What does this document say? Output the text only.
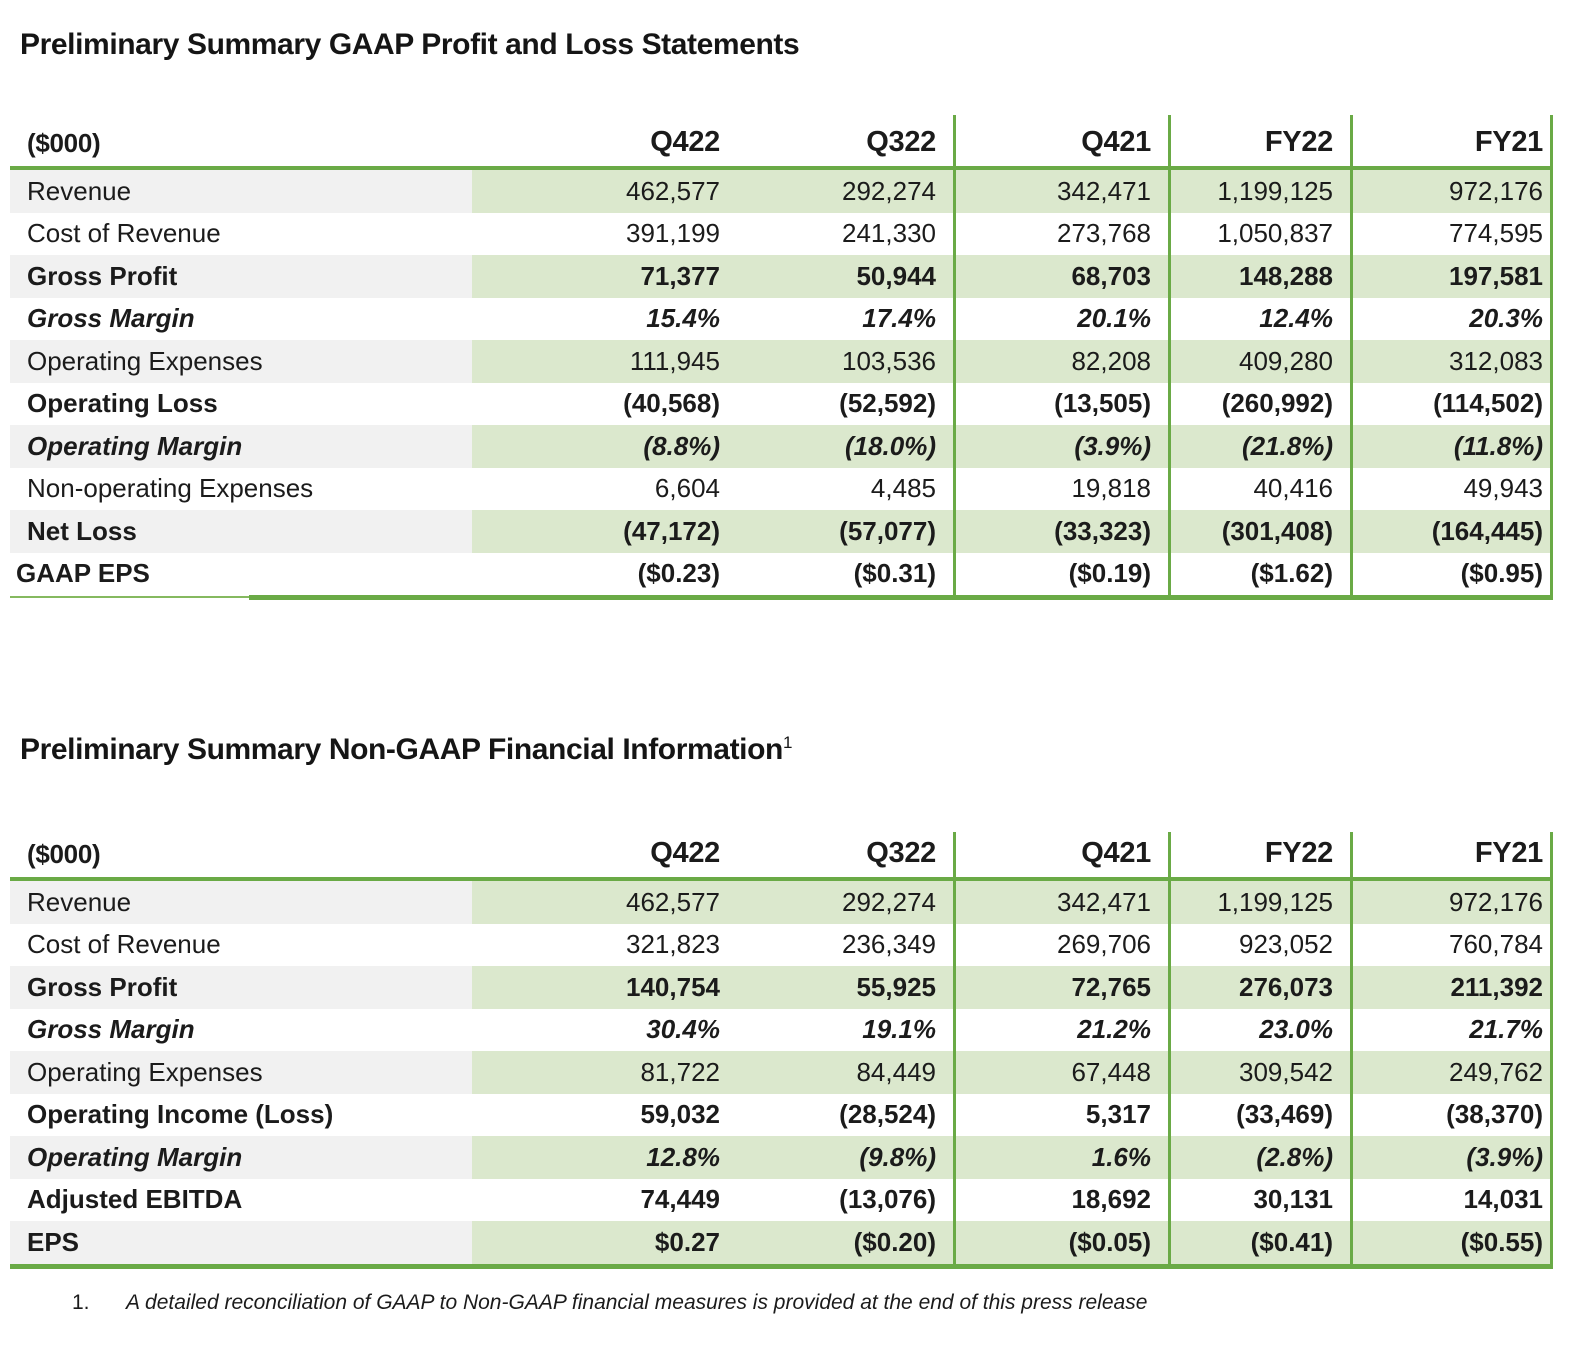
Preliminary Summary GAAP Profit and Loss Statements
($000)	Q422	Q322	Q421	FY22	FY21
Revenue	462,577	292,274	342,471	1,199,125	972,176
Cost of Revenue	391,199	241,330	273,768	1,050,837	774,595
Gross Profit	71,377	50,944	68,703	148,288	197,581
Gross Margin	15.4%	17.4%	20.1%	12.4%	20.3%
Operating Expenses	111,945	103,536	82,208	409,280	312,083
Operating Loss	(40,568)	(52,592)	(13,505)	(260,992)	(114,502)
Operating Margin	(8.8%)	(18.0%)	(3.9%)	(21.8%)	(11.8%)
Non-operating Expenses	6,604	4,485	19,818	40,416	49,943
Net Loss	(47,172)	(57,077)	(33,323)	(301,408)	(164,445)
GAAP EPS	($0.23)	($0.31)	($0.19)	($1.62)	($0.95)
Preliminary Summary Non-GAAP Financial Information$^1$
($000)	Q422	Q322	Q421	FY22	FY21
Revenue	462,577	292,274	342,471	1,199,125	972,176
Cost of Revenue	321,823	236,349	269,706	923,052	760,784
Gross Profit	140,754	55,925	72,765	276,073	211,392
Gross Margin	30.4%	19.1%	21.2%	23.0%	21.7%
Operating Expenses	81,722	84,449	67,448	309,542	249,762
Operating Income (Loss)	59,032	(28,524)	5,317	(33,469)	(38,370)
Operating Margin	12.8%	(9.8%)	1.6%	(2.8%)	(3.9%)
Adjusted EBITDA	74,449	(13,076)	18,692	30,131	14,031
EPS	$0.27	($0.20)	($0.05)	($0.41)	($0.55)
1. A detailed reconciliation of GAAP to Non-GAAP financial measures is provided at the end of this press release
